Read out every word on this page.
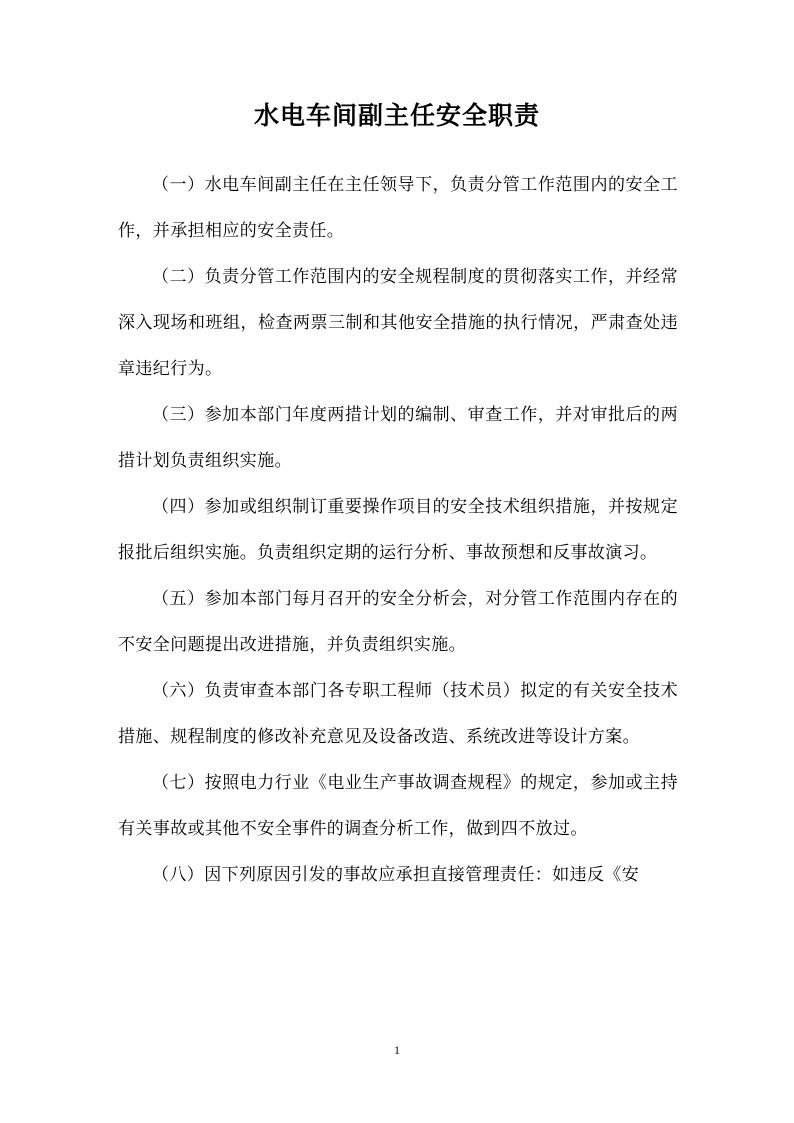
水电车间副主任安全职责

（一）水电车间副主任在主任领导下，负责分管工作范围内的安全工作，并承担相应的安全责任。

（二）负责分管工作范围内的安全规程制度的贯彻落实工作，并经常深入现场和班组，检查两票三制和其他安全措施的执行情况，严肃查处违章违纪行为。

（三）参加本部门年度两措计划的编制、审查工作，并对审批后的两措计划负责组织实施。

（四）参加或组织制订重要操作项目的安全技术组织措施，并按规定报批后组织实施。负责组织定期的运行分析、事故预想和反事故演习。

（五）参加本部门每月召开的安全分析会，对分管工作范围内存在的不安全问题提出改进措施，并负责组织实施。

（六）负责审查本部门各专职工程师（技术员）拟定的有关安全技术措施、规程制度的修改补充意见及设备改造、系统改进等设计方案。

（七）按照电力行业《电业生产事故调查规程》的规定，参加或主持有关事故或其他不安全事件的调查分析工作，做到四不放过。

（八）因下列原因引发的事故应承担直接管理责任：如违反《安

1
